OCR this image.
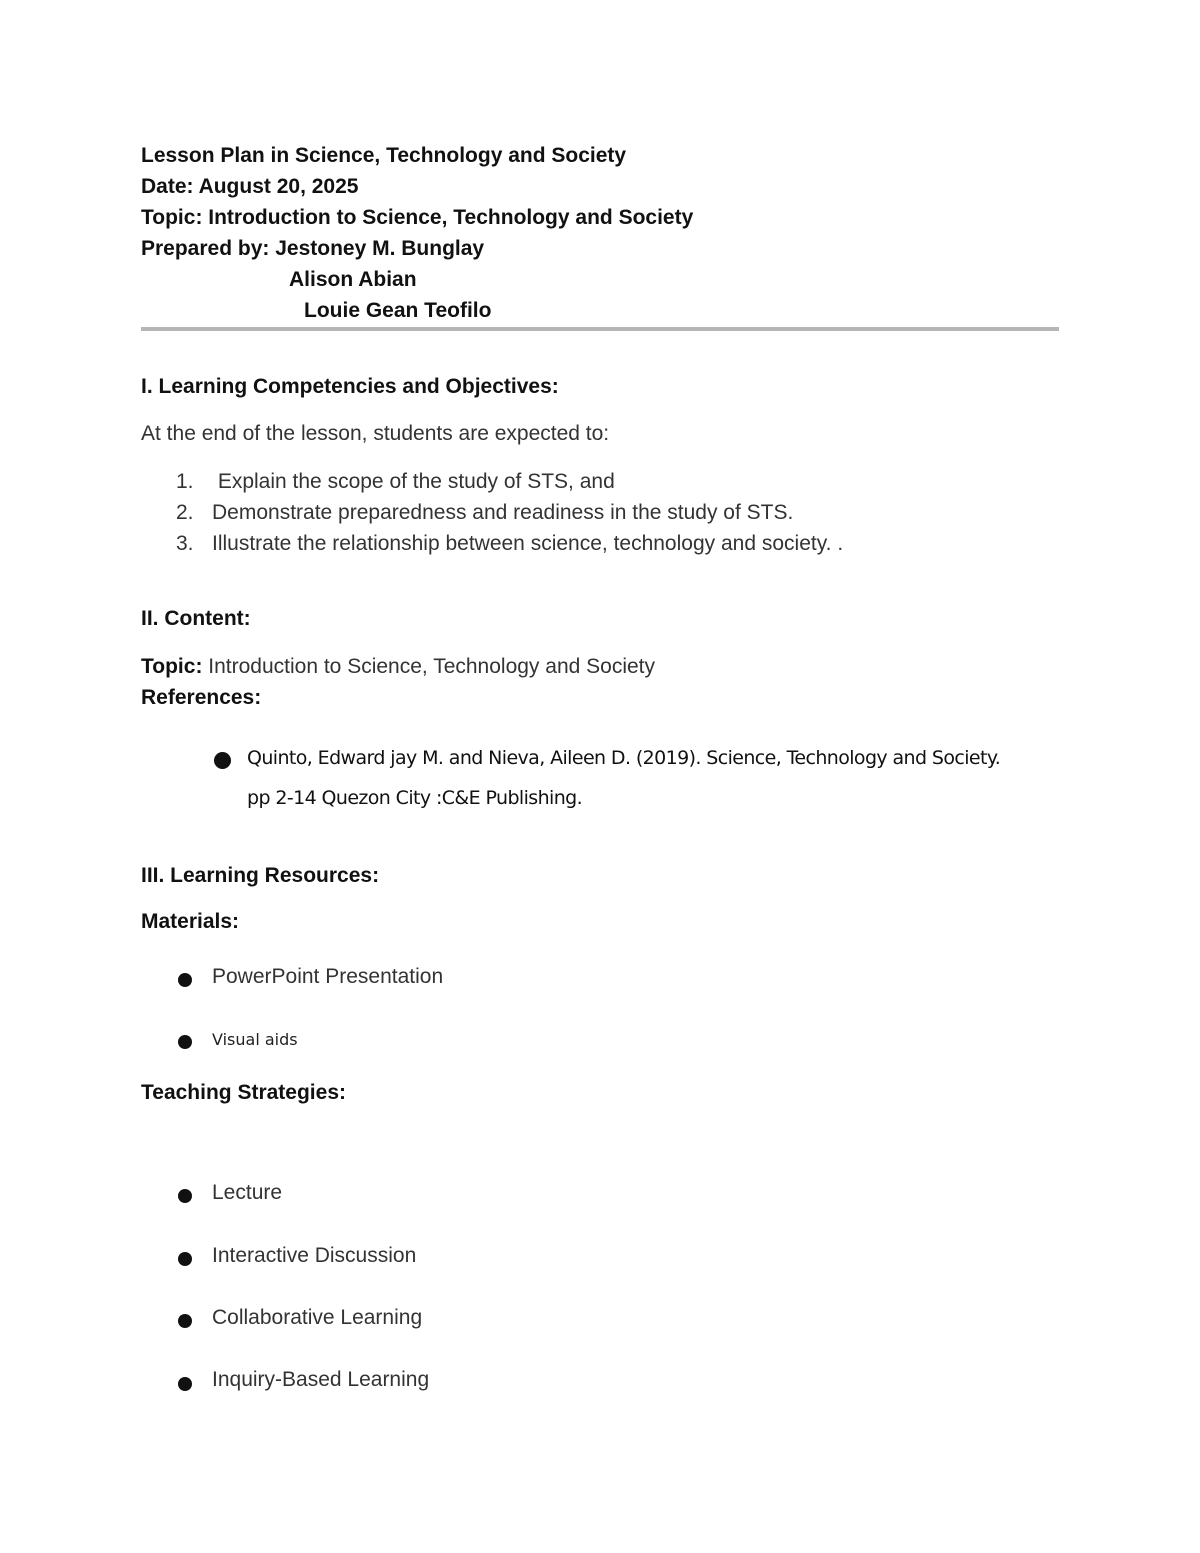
Lesson Plan in Science, Technology and Society
Date: August 20, 2025
Topic: Introduction to Science, Technology and Society
Prepared by: Jestoney M. Bunglay
Alison Abian
Louie Gean Teofilo
I. Learning Competencies and Objectives:
At the end of the lesson, students are expected to:
1. Explain the scope of the study of STS, and
2. Demonstrate preparedness and readiness in the study of STS.
3. Illustrate the relationship between science, technology and society. .
II. Content:
Topic: Introduction to Science, Technology and Society
References:
Quinto, Edward jay M. and Nieva, Aileen D. (2019). Science, Technology and Society.
pp 2-14 Quezon City :C&E Publishing.
III. Learning Resources:
Materials:
PowerPoint Presentation
Visual aids
Teaching Strategies:
Lecture
Interactive Discussion
Collaborative Learning
Inquiry-Based Learning
